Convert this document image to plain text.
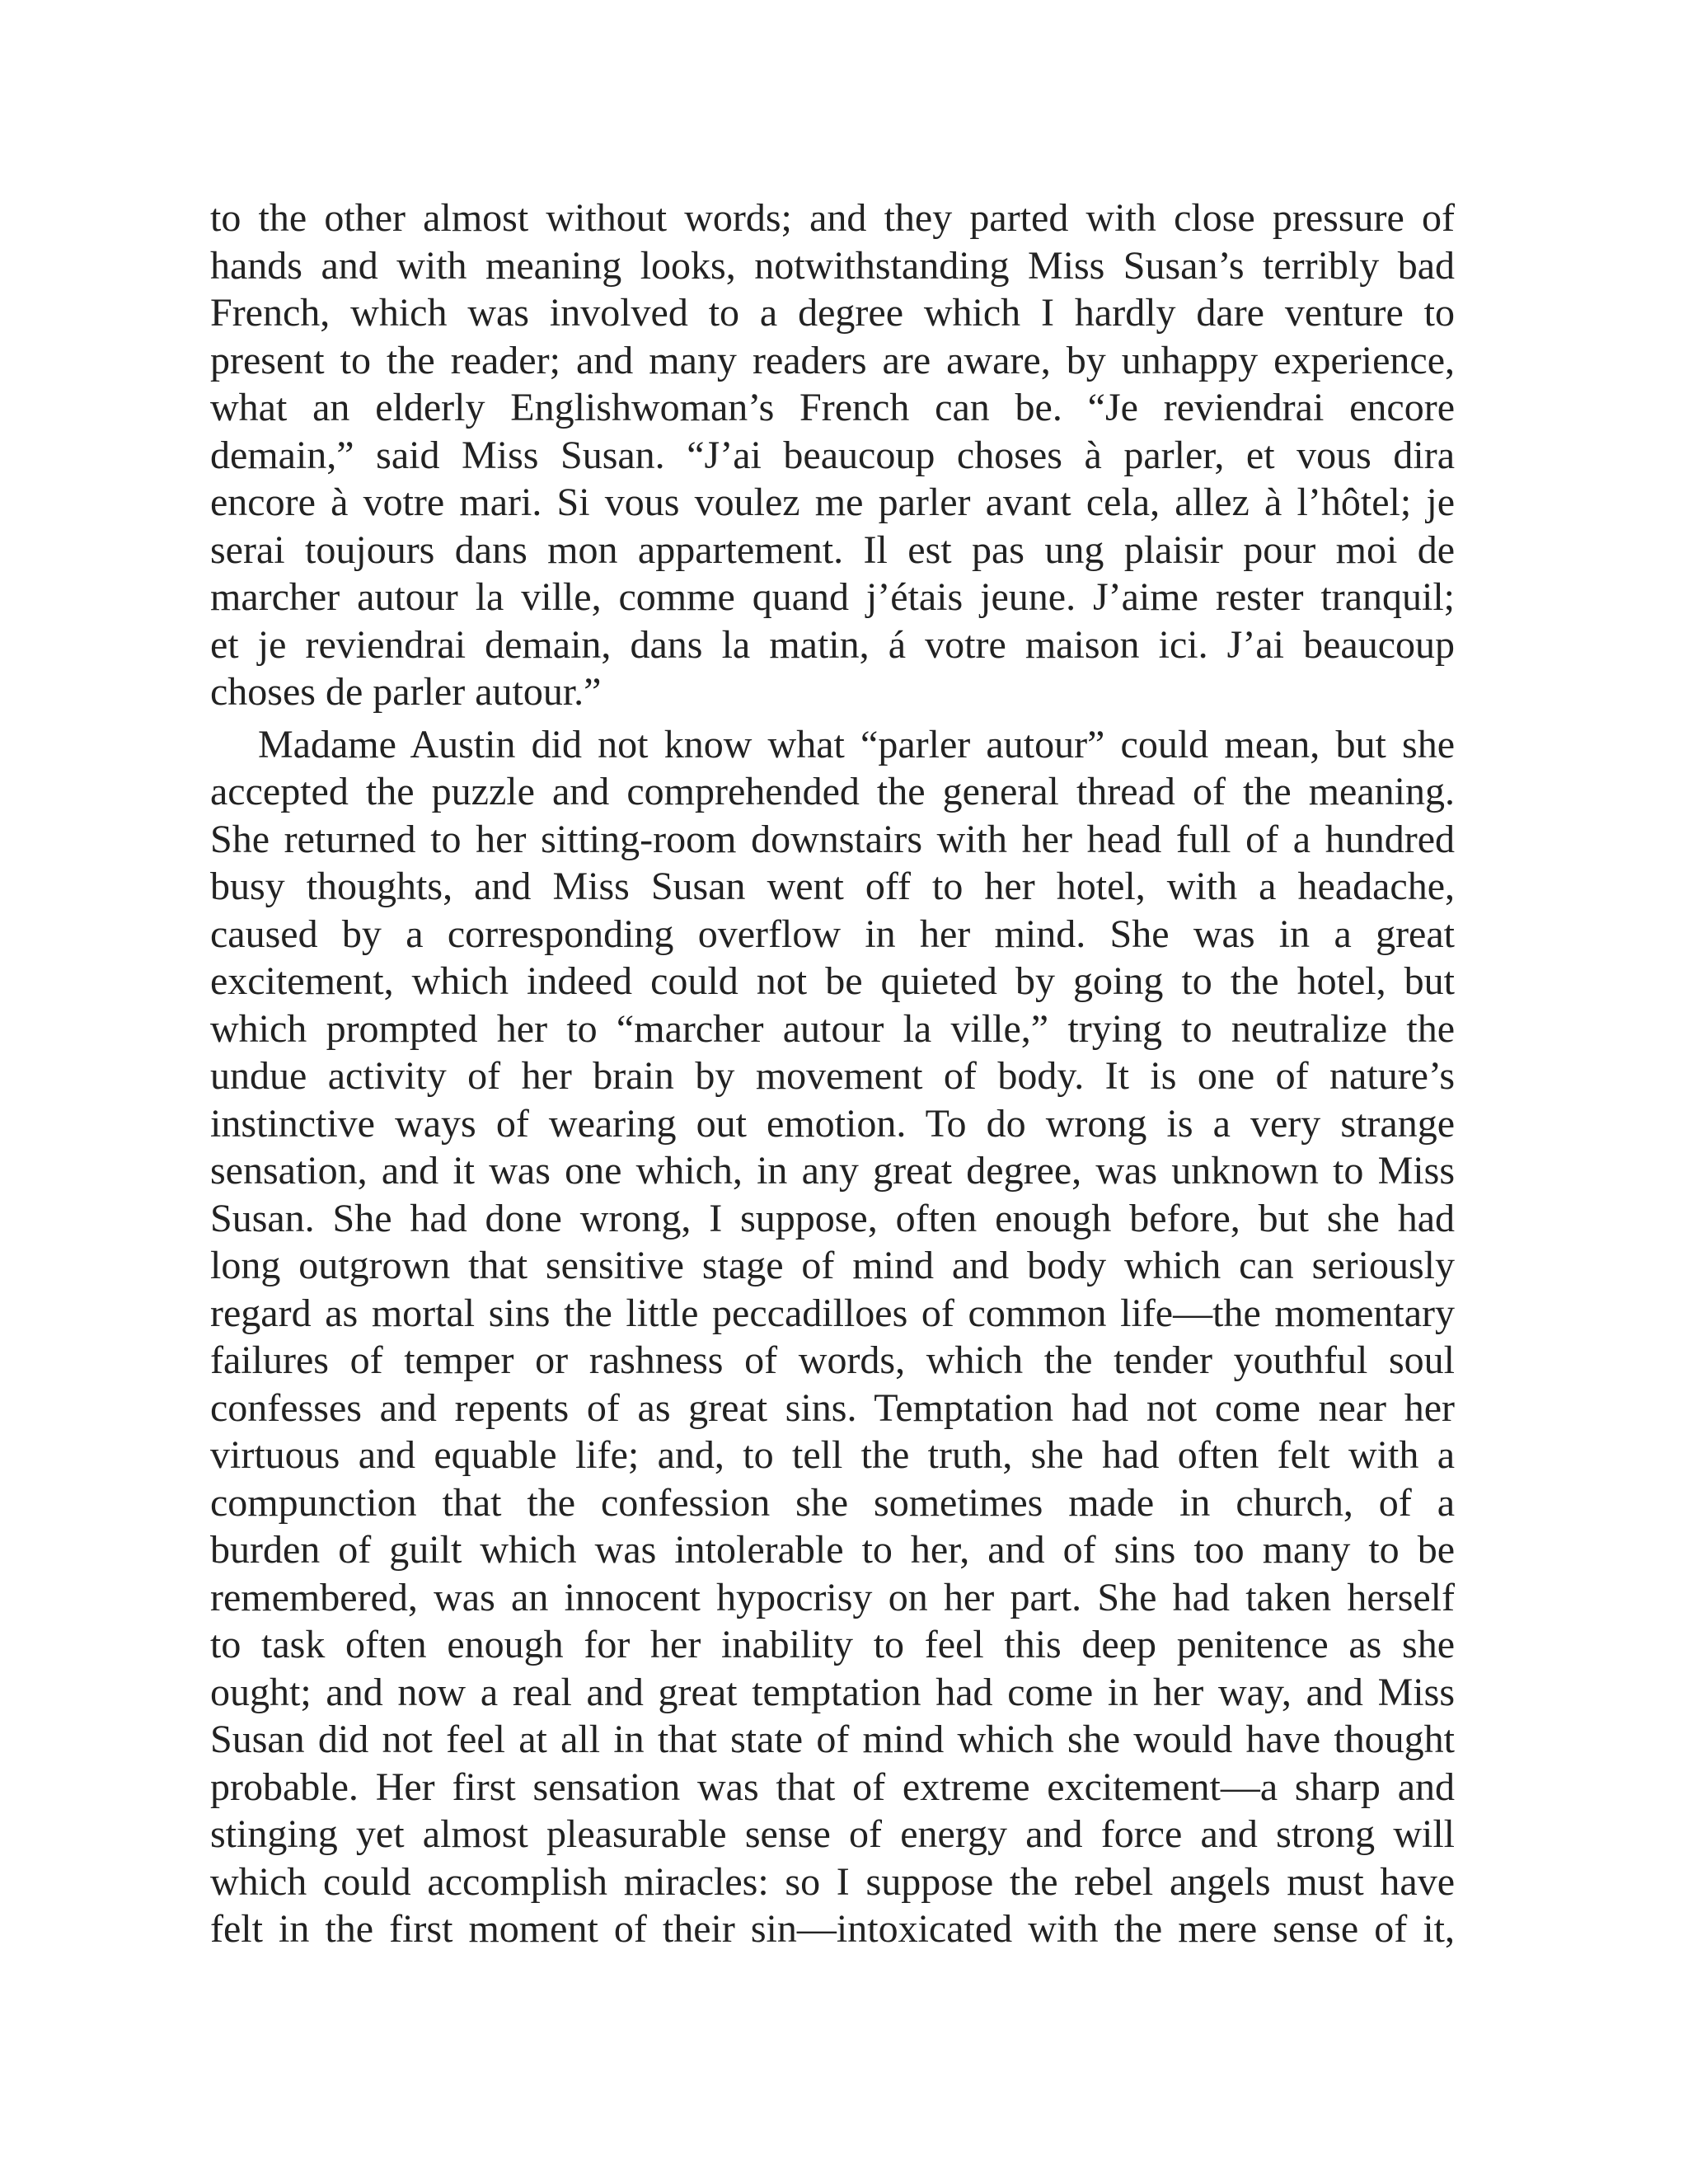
to the other almost without words; and they parted with close pressure of
hands and with meaning looks, notwithstanding Miss Susan’s terribly bad
French, which was involved to a degree which I hardly dare venture to
present to the reader; and many readers are aware, by unhappy experience,
what an elderly Englishwoman’s French can be. “Je reviendrai encore
demain,” said Miss Susan. “J’ai beaucoup choses à parler, et vous dira
encore à votre mari. Si vous voulez me parler avant cela, allez à l’hôtel; je
serai toujours dans mon appartement. Il est pas ung plaisir pour moi de
marcher autour la ville, comme quand j’étais jeune. J’aime rester tranquil;
et je reviendrai demain, dans la matin, á votre maison ici. J’ai beaucoup
choses de parler autour.”
Madame Austin did not know what “parler autour” could mean, but she
accepted the puzzle and comprehended the general thread of the meaning.
She returned to her sitting-room downstairs with her head full of a hundred
busy thoughts, and Miss Susan went off to her hotel, with a headache,
caused by a corresponding overflow in her mind. She was in a great
excitement, which indeed could not be quieted by going to the hotel, but
which prompted her to “marcher autour la ville,” trying to neutralize the
undue activity of her brain by movement of body. It is one of nature’s
instinctive ways of wearing out emotion. To do wrong is a very strange
sensation, and it was one which, in any great degree, was unknown to Miss
Susan. She had done wrong, I suppose, often enough before, but she had
long outgrown that sensitive stage of mind and body which can seriously
regard as mortal sins the little peccadilloes of common life—the momentary
failures of temper or rashness of words, which the tender youthful soul
confesses and repents of as great sins. Temptation had not come near her
virtuous and equable life; and, to tell the truth, she had often felt with a
compunction that the confession she sometimes made in church, of a
burden of guilt which was intolerable to her, and of sins too many to be
remembered, was an innocent hypocrisy on her part. She had taken herself
to task often enough for her inability to feel this deep penitence as she
ought; and now a real and great temptation had come in her way, and Miss
Susan did not feel at all in that state of mind which she would have thought
probable. Her first sensation was that of extreme excitement—a sharp and
stinging yet almost pleasurable sense of energy and force and strong will
which could accomplish miracles: so I suppose the rebel angels must have
felt in the first moment of their sin—intoxicated with the mere sense of it,
